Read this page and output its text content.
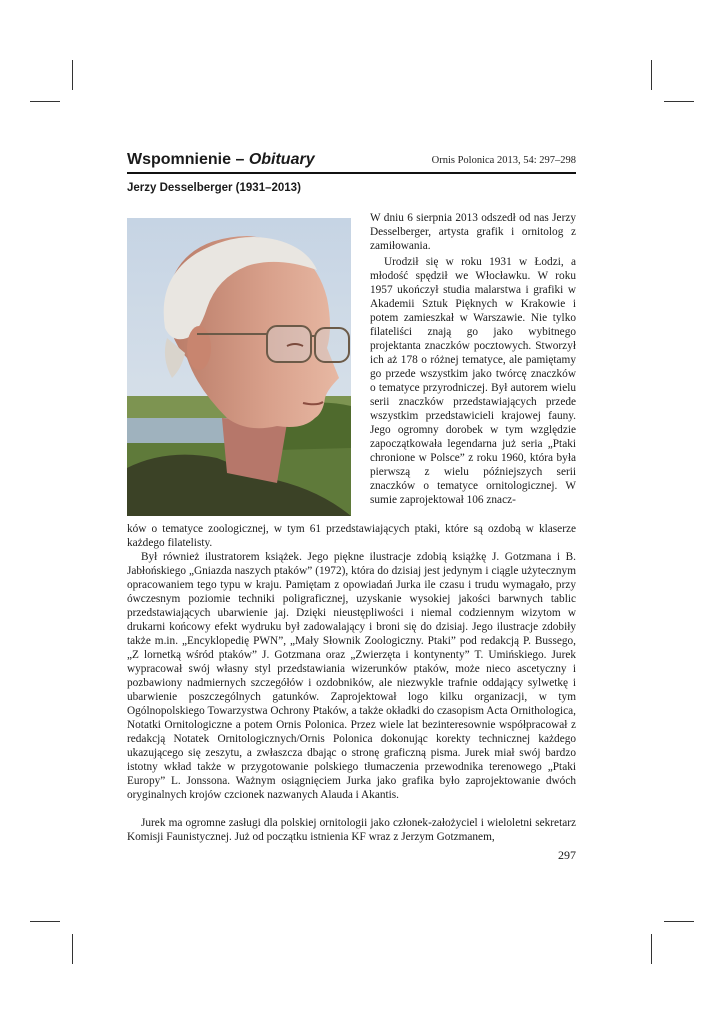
Wspomnienie – Obituary	Ornis Polonica 2013, 54: 297–298
Jerzy Desselberger (1931–2013)

W dniu 6 sierpnia 2013 odszedł od nas Jerzy Desselberger, artysta grafik i ornitolog z zamiłowania.

Urodził się w roku 1931 w Łodzi, a młodość spędził we Włocławku. W roku 1957 ukończył studia malarstwa i grafiki w Akademii Sztuk Pięknych w Krakowie i potem zamieszkał w Warszawie. Nie tylko filateliści znają go jako wybitnego projektanta znaczków pocztowych. Stworzył ich aż 178 o różnej tematyce, ale pamiętamy go przede wszystkim jako twórcę znaczków o tematyce przyrodniczej. Był autorem wielu serii znaczków przedstawiających przede wszystkim przedstawicieli krajowej fauny. Jego ogromny dorobek w tym względzie zapoczątkowała legendarna już seria „Ptaki chronione w Polsce” z roku 1960, która była pierwszą z wielu późniejszych serii znaczków o tematyce ornitologicznej. W sumie zaprojektował 106 znacz-

ków o tematyce zoologicznej, w tym 61 przedstawiających ptaki, które są ozdobą w klaserze każdego filatelisty.

Był również ilustratorem książek. Jego piękne ilustracje zdobią książkę J. Gotzmana i B. Jabłońskiego „Gniazda naszych ptaków” (1972), która do dzisiaj jest jedynym i ciągle użytecznym opracowaniem tego typu w kraju. Pamiętam z opowiadań Jurka ile czasu i trudu wymagało, przy ówczesnym poziomie techniki poligraficznej, uzyskanie wysokiej jakości barwnych tablic przedstawiających ubarwienie jaj. Dzięki nieustępliwości i niemal codziennym wizytom w drukarni końcowy efekt wydruku był zadowalający i broni się do dzisiaj. Jego ilustracje zdobiły także m.in. „Encyklopedię PWN”, „Mały Słownik Zoologiczny. Ptaki” pod redakcją P. Bussego, „Z lornetką wśród ptaków” J. Gotzmana oraz „Zwierzęta i kontynenty” T. Umińskiego. Jurek wypracował swój własny styl przedstawiania wizerunków ptaków, może nieco ascetyczny i pozbawiony nadmiernych szczegółów i ozdobników, ale niezwykle trafnie oddający sylwetkę i ubarwienie poszczególnych gatunków. Zaprojektował logo kilku organizacji, w tym Ogólnopolskiego Towarzystwa Ochrony Ptaków, a także okładki do czasopism Acta Ornithologica, Notatki Ornitologiczne a potem Ornis Polonica. Przez wiele lat bezinteresownie współpracował z redakcją Notatek Ornitologicznych/Ornis Polonica dokonując korekty technicznej każdego ukazującego się zeszytu, a zwłaszcza dbając o stronę graficzną pisma. Jurek miał swój bardzo istotny wkład także w przygotowanie polskiego tłumaczenia przewodnika terenowego „Ptaki Europy” L. Jonssona. Ważnym osiągnięciem Jurka jako grafika było zaprojektowanie dwóch oryginalnych krojów czcionek nazwanych Alauda i Akantis.

Jurek ma ogromne zasługi dla polskiej ornitologii jako członek-założyciel i wieloletni sekretarz Komisji Faunistycznej. Już od początku istnienia KF wraz z Jerzym Gotzmanem,

297
